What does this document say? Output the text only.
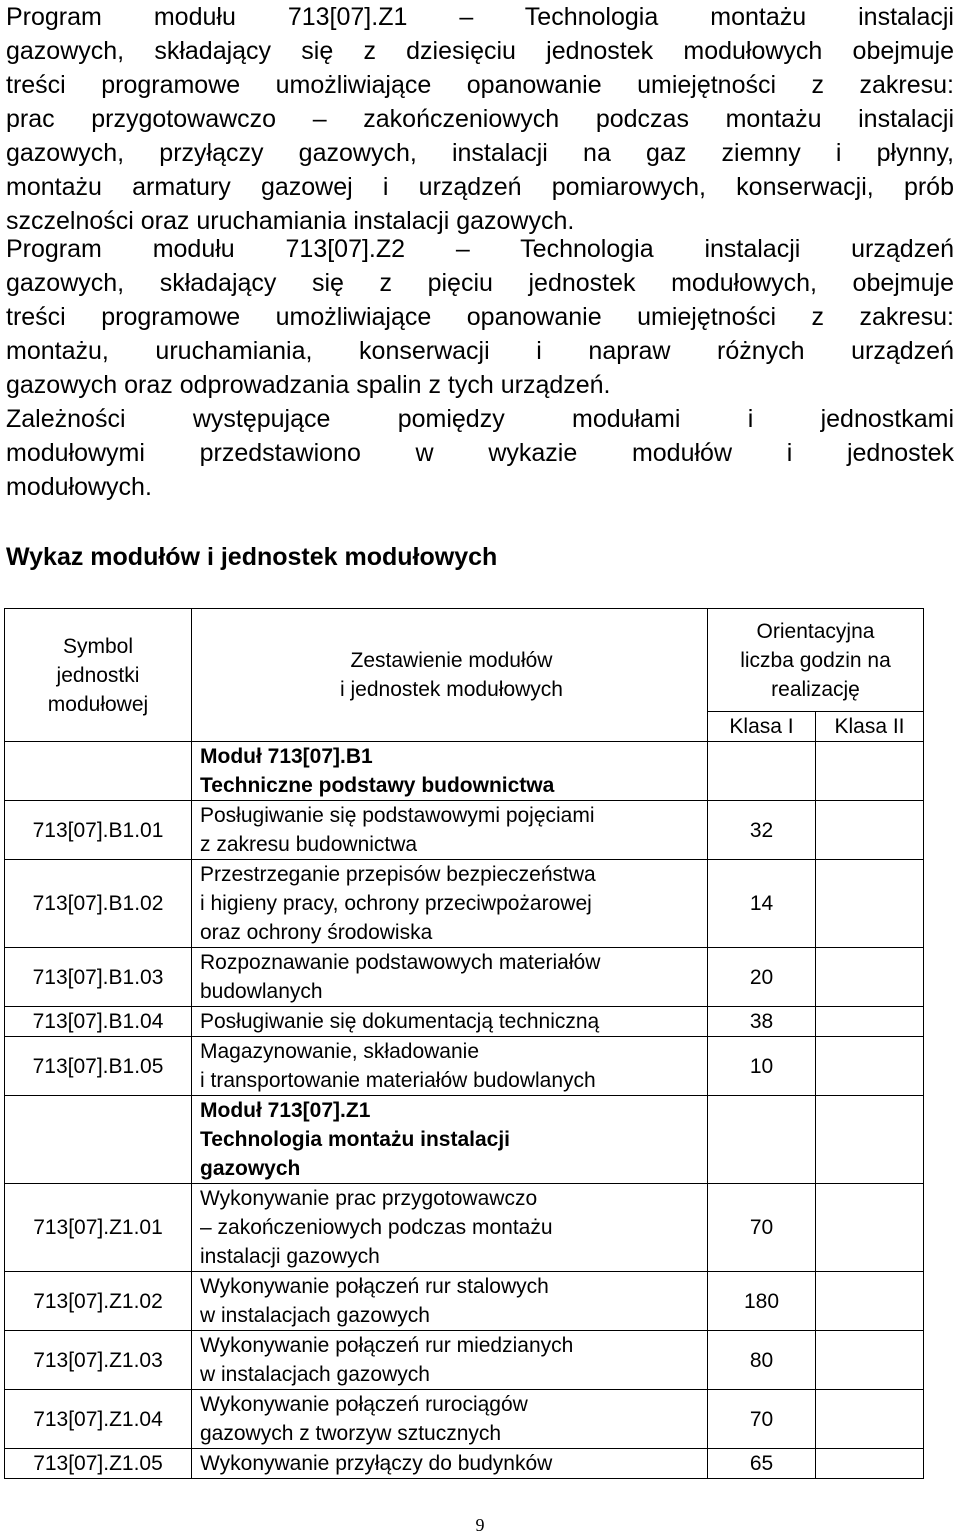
Program modułu 713[07].Z1 – Technologia montażu instalacji
gazowych, składający się z dziesięciu jednostek modułowych obejmuje
treści programowe umożliwiające opanowanie umiejętności z zakresu:
prac przygotowawczo – zakończeniowych podczas montażu instalacji
gazowych, przyłączy gazowych, instalacji na gaz ziemny i płynny,
montażu armatury gazowej i urządzeń pomiarowych, konserwacji, prób
szczelności oraz uruchamiania instalacji gazowych.
Program modułu 713[07].Z2 – Technologia instalacji urządzeń
gazowych, składający się z pięciu jednostek modułowych, obejmuje
treści programowe umożliwiające opanowanie umiejętności z zakresu:
montażu, uruchamiania, konserwacji i napraw różnych urządzeń
gazowych oraz odprowadzania spalin z tych urządzeń.
Zależności występujące pomiędzy modułami i jednostkami
modułowymi przedstawiono w wykazie modułów i jednostek
modułowych.
Wykaz modułów i jednostek modułowych
Symbol
jednostki
modułowej	Zestawienie modułów
i jednostek modułowych	Orientacyjna
liczba godzin na
realizację	

		Klasa I	Klasa II

	Moduł 713[07].B1
Techniczne podstawy budownictwa		

713[07].B1.01	Posługiwanie się podstawowymi pojęciami
z zakresu budownictwa	32	
713[07].B1.02	Przestrzeganie przepisów bezpieczeństwa
i higieny pracy, ochrony przeciwpożarowej
oraz ochrony środowiska	14	
713[07].B1.03	Rozpoznawanie podstawowych materiałów
budowlanych	20	
713[07].B1.04	Posługiwanie się dokumentacją techniczną	38	
713[07].B1.05	Magazynowanie, składowanie
i transportowanie materiałów budowlanych	10	

	Moduł 713[07].Z1
Technologia montażu instalacji
gazowych		

713[07].Z1.01	Wykonywanie prac przygotowawczo
– zakończeniowych podczas montażu
instalacji gazowych	70	
713[07].Z1.02	Wykonywanie połączeń rur stalowych
w instalacjach gazowych	180	
713[07].Z1.03	Wykonywanie połączeń rur miedzianych
w instalacjach gazowych	80	
713[07].Z1.04	Wykonywanie połączeń rurociągów
gazowych z tworzyw sztucznych	70	
713[07].Z1.05	Wykonywanie przyłączy do budynków	65	
9
